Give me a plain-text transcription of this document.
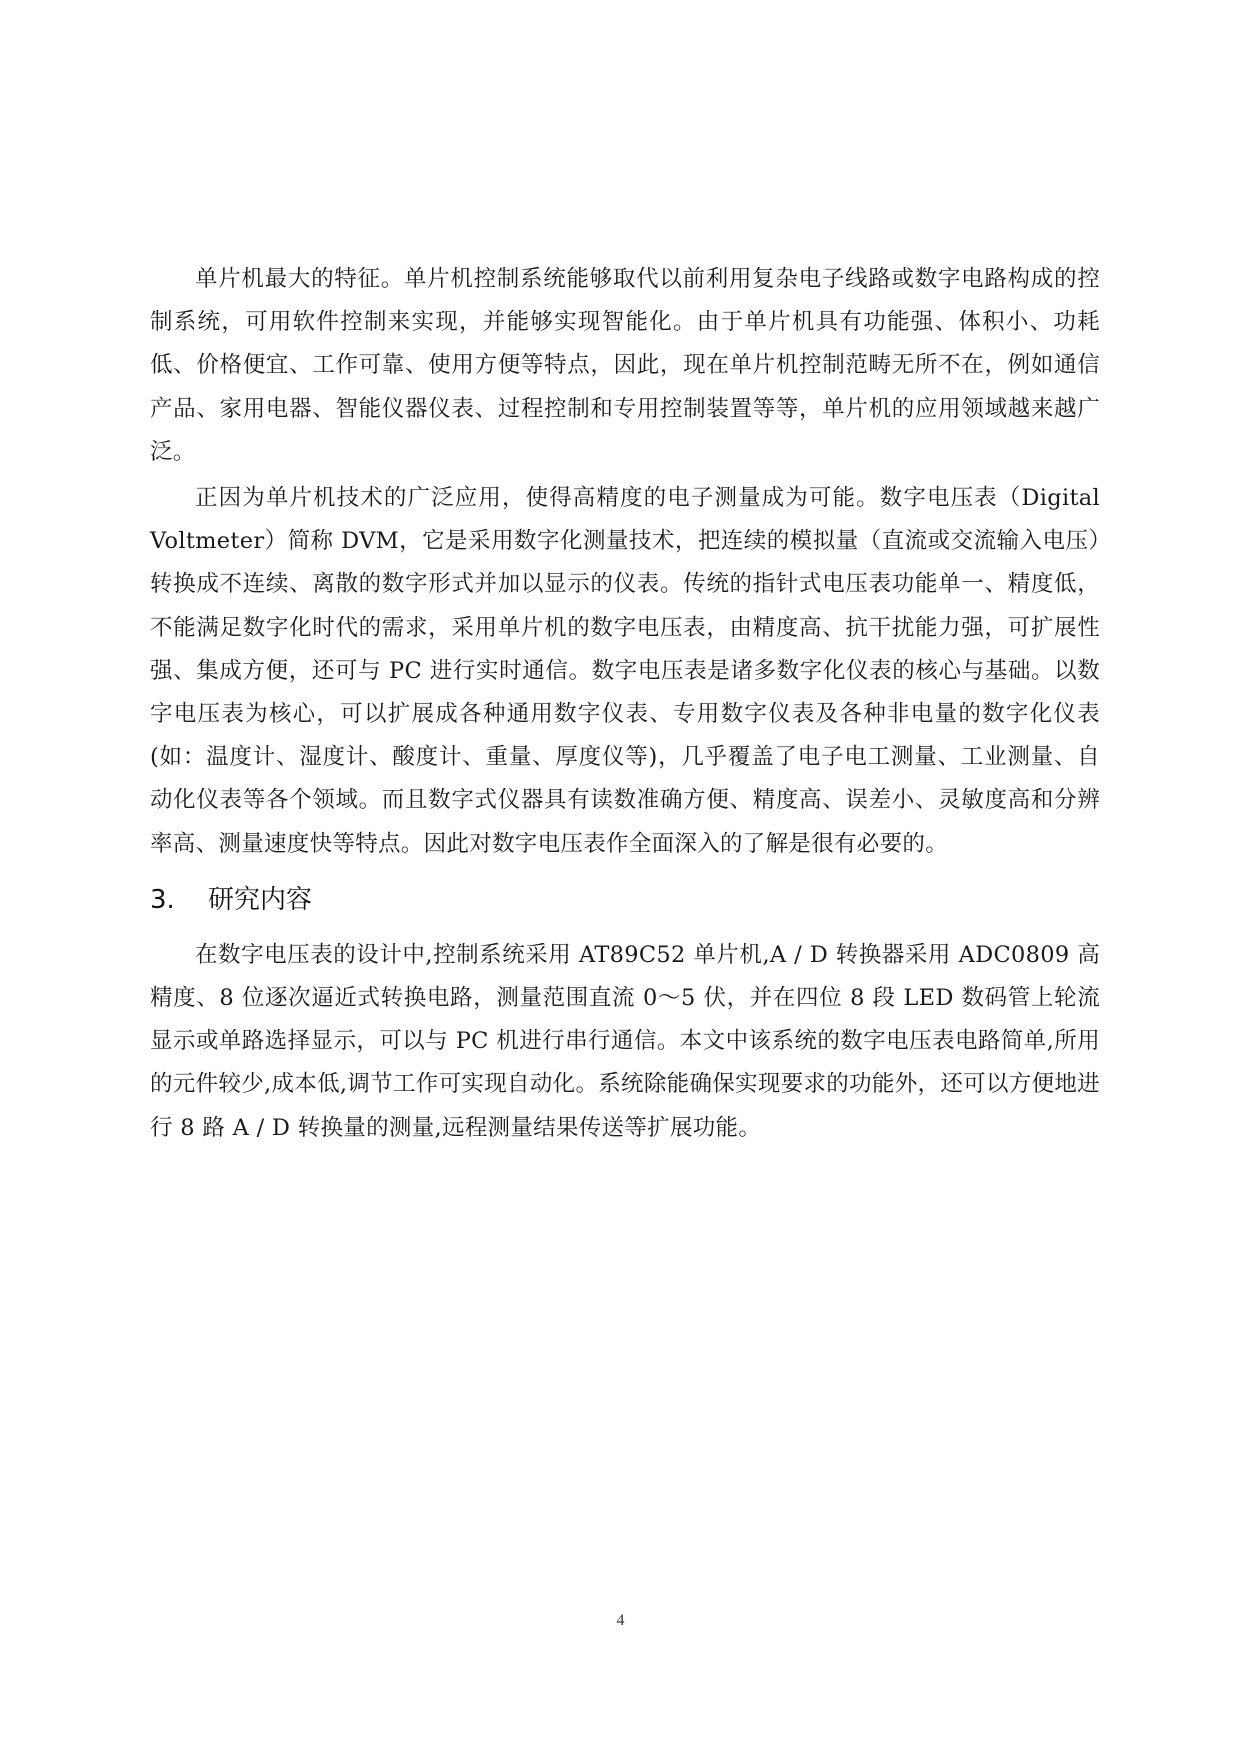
单片机最大的特征。单片机控制系统能够取代以前利用复杂电子线路或数字电路构成的控制系统，可用软件控制来实现，并能够实现智能化。由于单片机具有功能强、体积小、功耗低、价格便宜、工作可靠、使用方便等特点，因此，现在单片机控制范畴无所不在，例如通信产品、家用电器、智能仪器仪表、过程控制和专用控制装置等等，单片机的应用领域越来越广泛。

正因为单片机技术的广泛应用，使得高精度的电子测量成为可能。数字电压表（Digital Voltmeter）简称 DVM，它是采用数字化测量技术，把连续的模拟量（直流或交流输入电压）转换成不连续、离散的数字形式并加以显示的仪表。传统的指针式电压表功能单一、精度低，不能满足数字化时代的需求，采用单片机的数字电压表，由精度高、抗干扰能力强，可扩展性强、集成方便，还可与 PC 进行实时通信。数字电压表是诸多数字化仪表的核心与基础。以数字电压表为核心，可以扩展成各种通用数字仪表、专用数字仪表及各种非电量的数字化仪表(如：温度计、湿度计、酸度计、重量、厚度仪等)，几乎覆盖了电子电工测量、工业测量、自动化仪表等各个领域。而且数字式仪器具有读数准确方便、精度高、误差小、灵敏度高和分辨率高、测量速度快等特点。因此对数字电压表作全面深入的了解是很有必要的。

3. 研究内容

在数字电压表的设计中,控制系统采用 AT89C52 单片机,A / D 转换器采用 ADC0809 高精度、8 位逐次逼近式转换电路，测量范围直流 0～5 伏，并在四位 8 段 LED 数码管上轮流显示或单路选择显示，可以与 PC 机进行串行通信。本文中该系统的数字电压表电路简单,所用的元件较少,成本低,调节工作可实现自动化。系统除能确保实现要求的功能外，还可以方便地进行 8 路 A / D 转换量的测量,远程测量结果传送等扩展功能。

4
